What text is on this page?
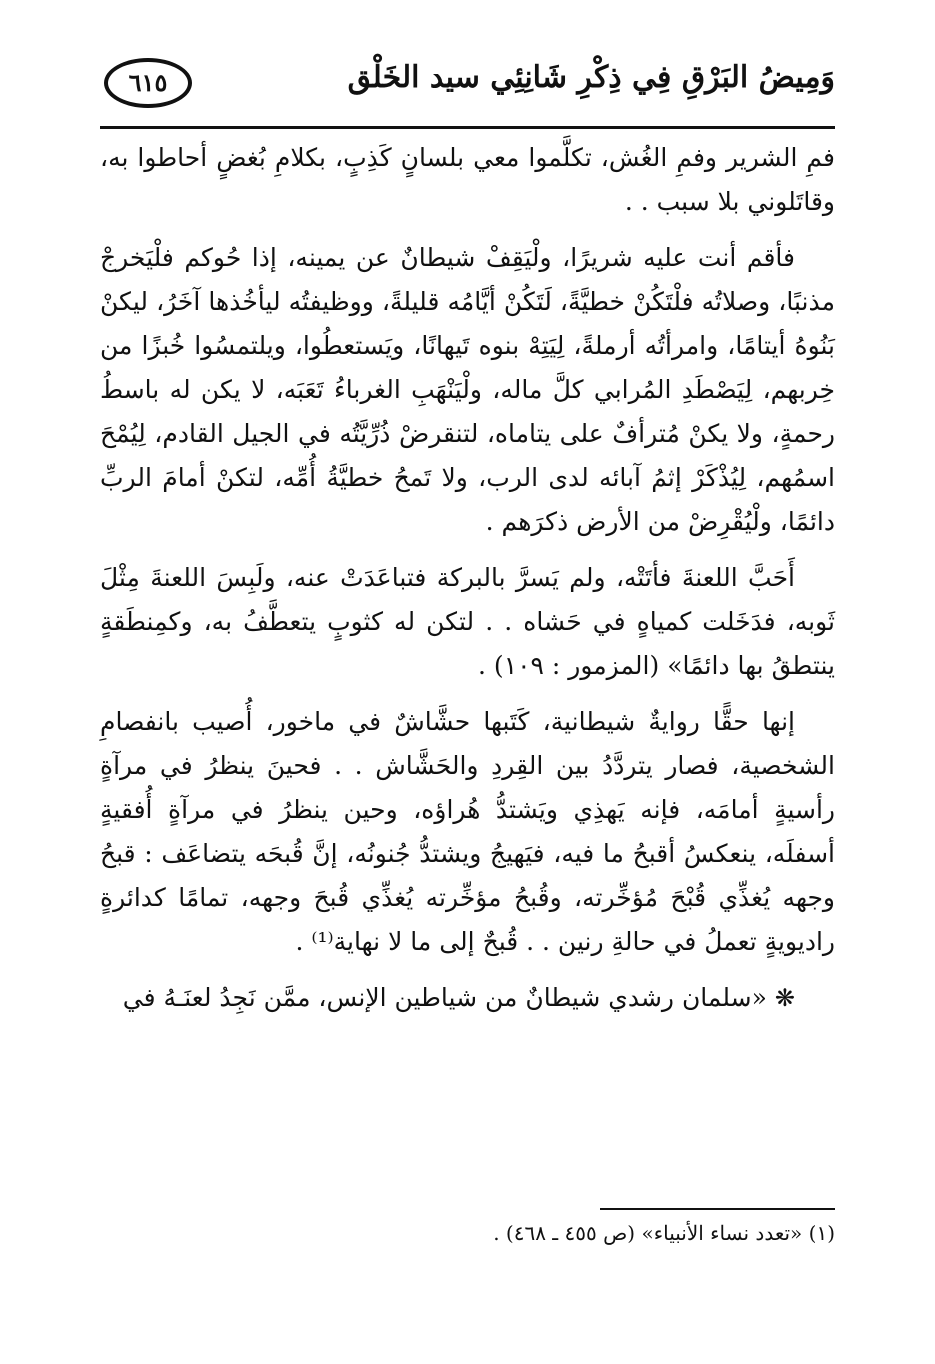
وَمِيضُ البَرْقِ فِي ذِكْرِ شَانِئِي سيد الخَلْق
٦١٥

فمِ الشرير وفمِ الغُش، تكلَّموا معي بلسانٍ كَذِبٍ، بكلامِ بُغضٍ أحاطوا به، وقاتَلوني بلا سبب . .

فأقم أنت عليه شريرًا، ولْيَقِفْ شيطانٌ عن يمينه، إذا حُوكم فلْيَخرجْ مذنبًا، وصلاتُه فلْتَكُنْ خطيَّةً، لَتَكُنْ أيَّامُه قليلةً، ووظيفتُه ليأخُذها آخَرُ، ليكنْ بَنُوهُ أيتامًا، وامرأتُه أرملةً، لِيَتِهْ بنوه تَيهانًا، ويَستعطُوا، ويلتمسُوا خُبزًا من خِربهم، لِيَصْطَدِ المُرابي كلَّ ماله، ولْيَنْهَبِ الغرباءُ تَعَبَه، لا يكن له باسطُ رحمةٍ، ولا يكنْ مُترأفٌ على يتاماه، لتنقرضْ ذُرِّيَّتُه في الجيل القادم، لِيُمْحَ اسمُهم، لِيُذْكَرْ إثمُ آبائه لدى الرب، ولا تَمحُ خطيَّةُ أُمِّه، لتكنْ أمامَ الربِّ دائمًا، ولْيُقْرِضْ من الأرض ذكرَهم .

أَحَبَّ اللعنةَ فأتَتْه، ولم يَسرَّ بالبركة فتباعَدَتْ عنه، ولَبِسَ اللعنةَ مِثْلَ ثَوبه، فدَخَلت كمياهٍ في حَشاه . . لتكن له كثوبٍ يتعطَّفُ به، وكمِنطَقةٍ ينتطقُ بها دائمًا» (المزمور : ١٠٩) .

إنها حقًّا روايةٌ شيطانية، كَتَبها حشَّاشٌ في ماخور، أُصيب بانفصامِ الشخصية، فصار يتردَّدُ بين القِردِ والحَشَّاش . . فحينَ ينظرُ في مرآةٍ رأسيةٍ أمامَه، فإنه يَهذِي ويَشتدُّ هُراؤه، وحين ينظرُ في مرآةٍ أُفقيةٍ أسفلَه، ينعكسُ أقبحُ ما فيه، فيَهيجُ ويشتدُّ جُنونُه، إنَّ قُبحَه يتضاعَف : قبحُ وجهه يُغذِّي قُبْحَ مُؤخِّرته، وقُبحُ مؤخِّرته يُغذِّي قُبحَ وجهه، تمامًا كدائرةٍ راديويةٍ تعملُ في حالةِ رنين . . قُبحٌ إلى ما لا نهاية⁽¹⁾ .

❋«سلمان رشدي شيطانٌ من شياطين الإنس، ممَّن نَجِدُ لعنَـهُ في

(١) «تعدد نساء الأنبياء» (ص ٤٥٥ ـ ٤٦٨) .
